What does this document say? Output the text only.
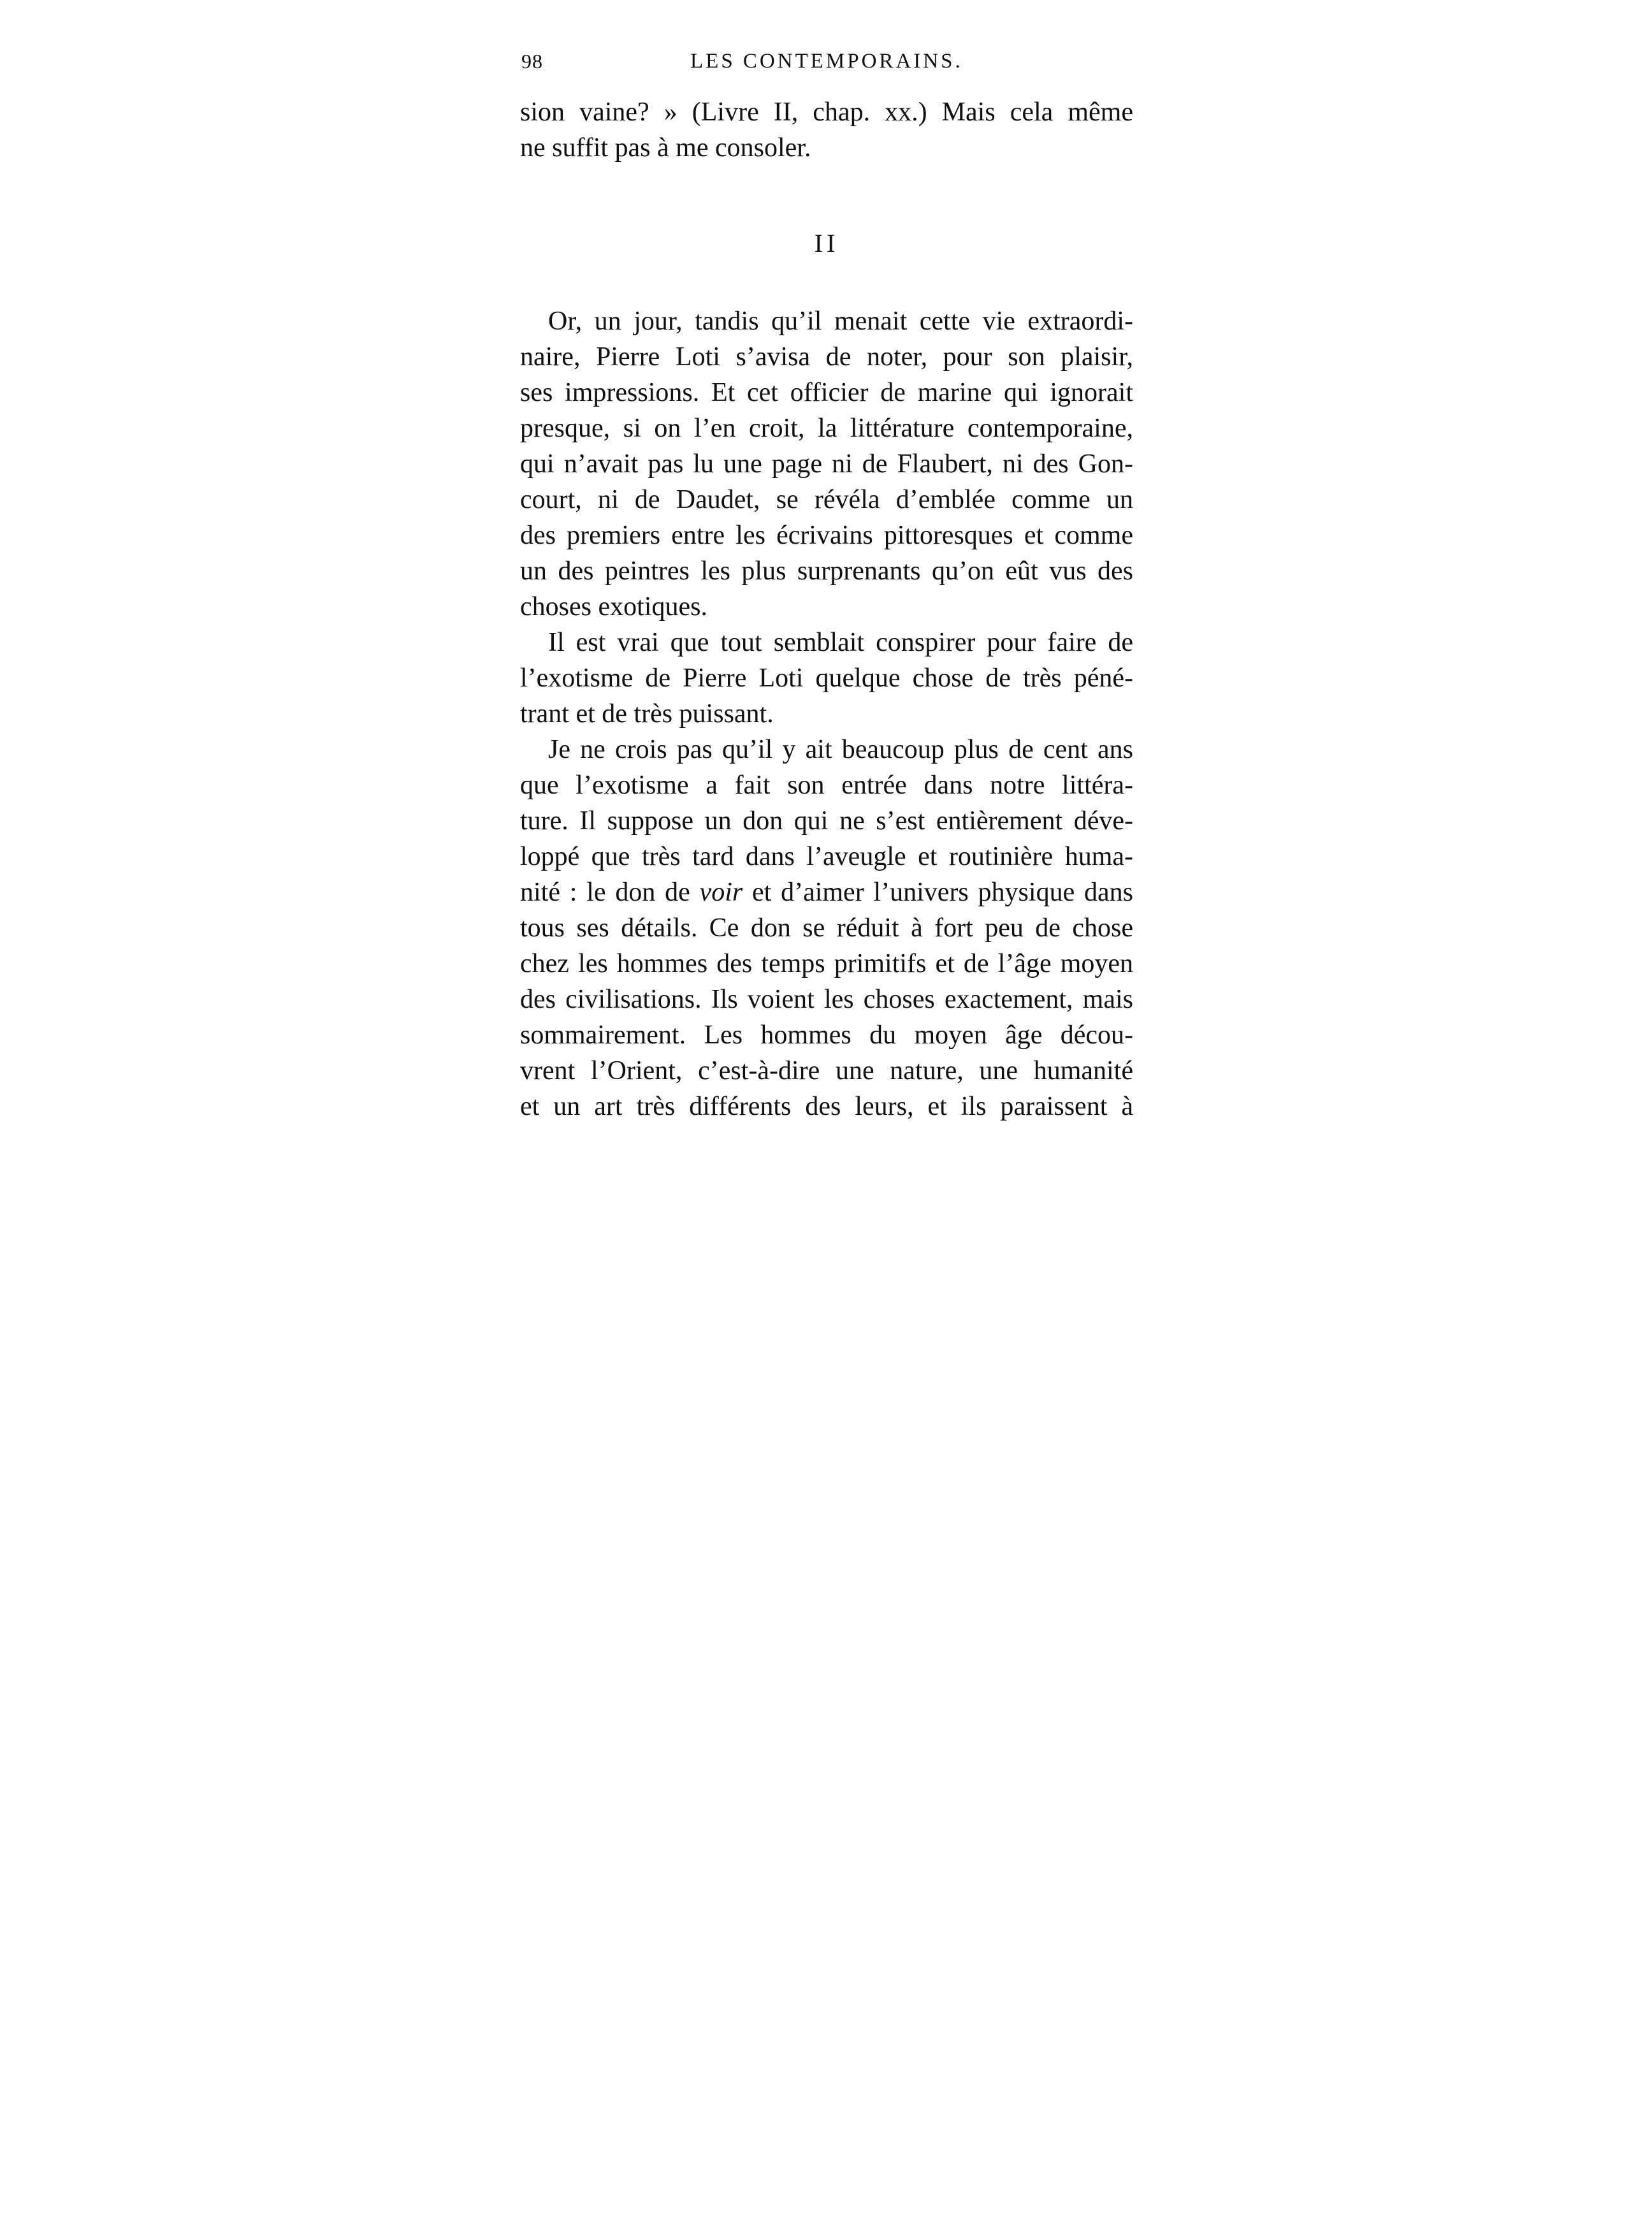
98	LES CONTEMPORAINS.
sion vaine? » (Livre II, chap. xx.) Mais cela même
ne suffit pas à me consoler.
II
Or, un jour, tandis qu’il menait cette vie extraordi-
naire, Pierre Loti s’avisa de noter, pour son plaisir,
ses impressions. Et cet officier de marine qui ignorait
presque, si on l’en croit, la littérature contemporaine,
qui n’avait pas lu une page ni de Flaubert, ni des Gon-
court, ni de Daudet, se révéla d’emblée comme un
des premiers entre les écrivains pittoresques et comme
un des peintres les plus surprenants qu’on eût vus des
choses exotiques.
Il est vrai que tout semblait conspirer pour faire de
l’exotisme de Pierre Loti quelque chose de très péné-
trant et de très puissant.
Je ne crois pas qu’il y ait beaucoup plus de cent ans
que l’exotisme a fait son entrée dans notre littéra-
ture. Il suppose un don qui ne s’est entièrement déve-
loppé que très tard dans l’aveugle et routinière huma-
nité : le don de voir et d’aimer l’univers physique dans
tous ses détails. Ce don se réduit à fort peu de chose
chez les hommes des temps primitifs et de l’âge moyen
des civilisations. Ils voient les choses exactement, mais
sommairement. Les hommes du moyen âge décou-
vrent l’Orient, c’est-à-dire une nature, une humanité
et un art très différents des leurs, et ils paraissent à
